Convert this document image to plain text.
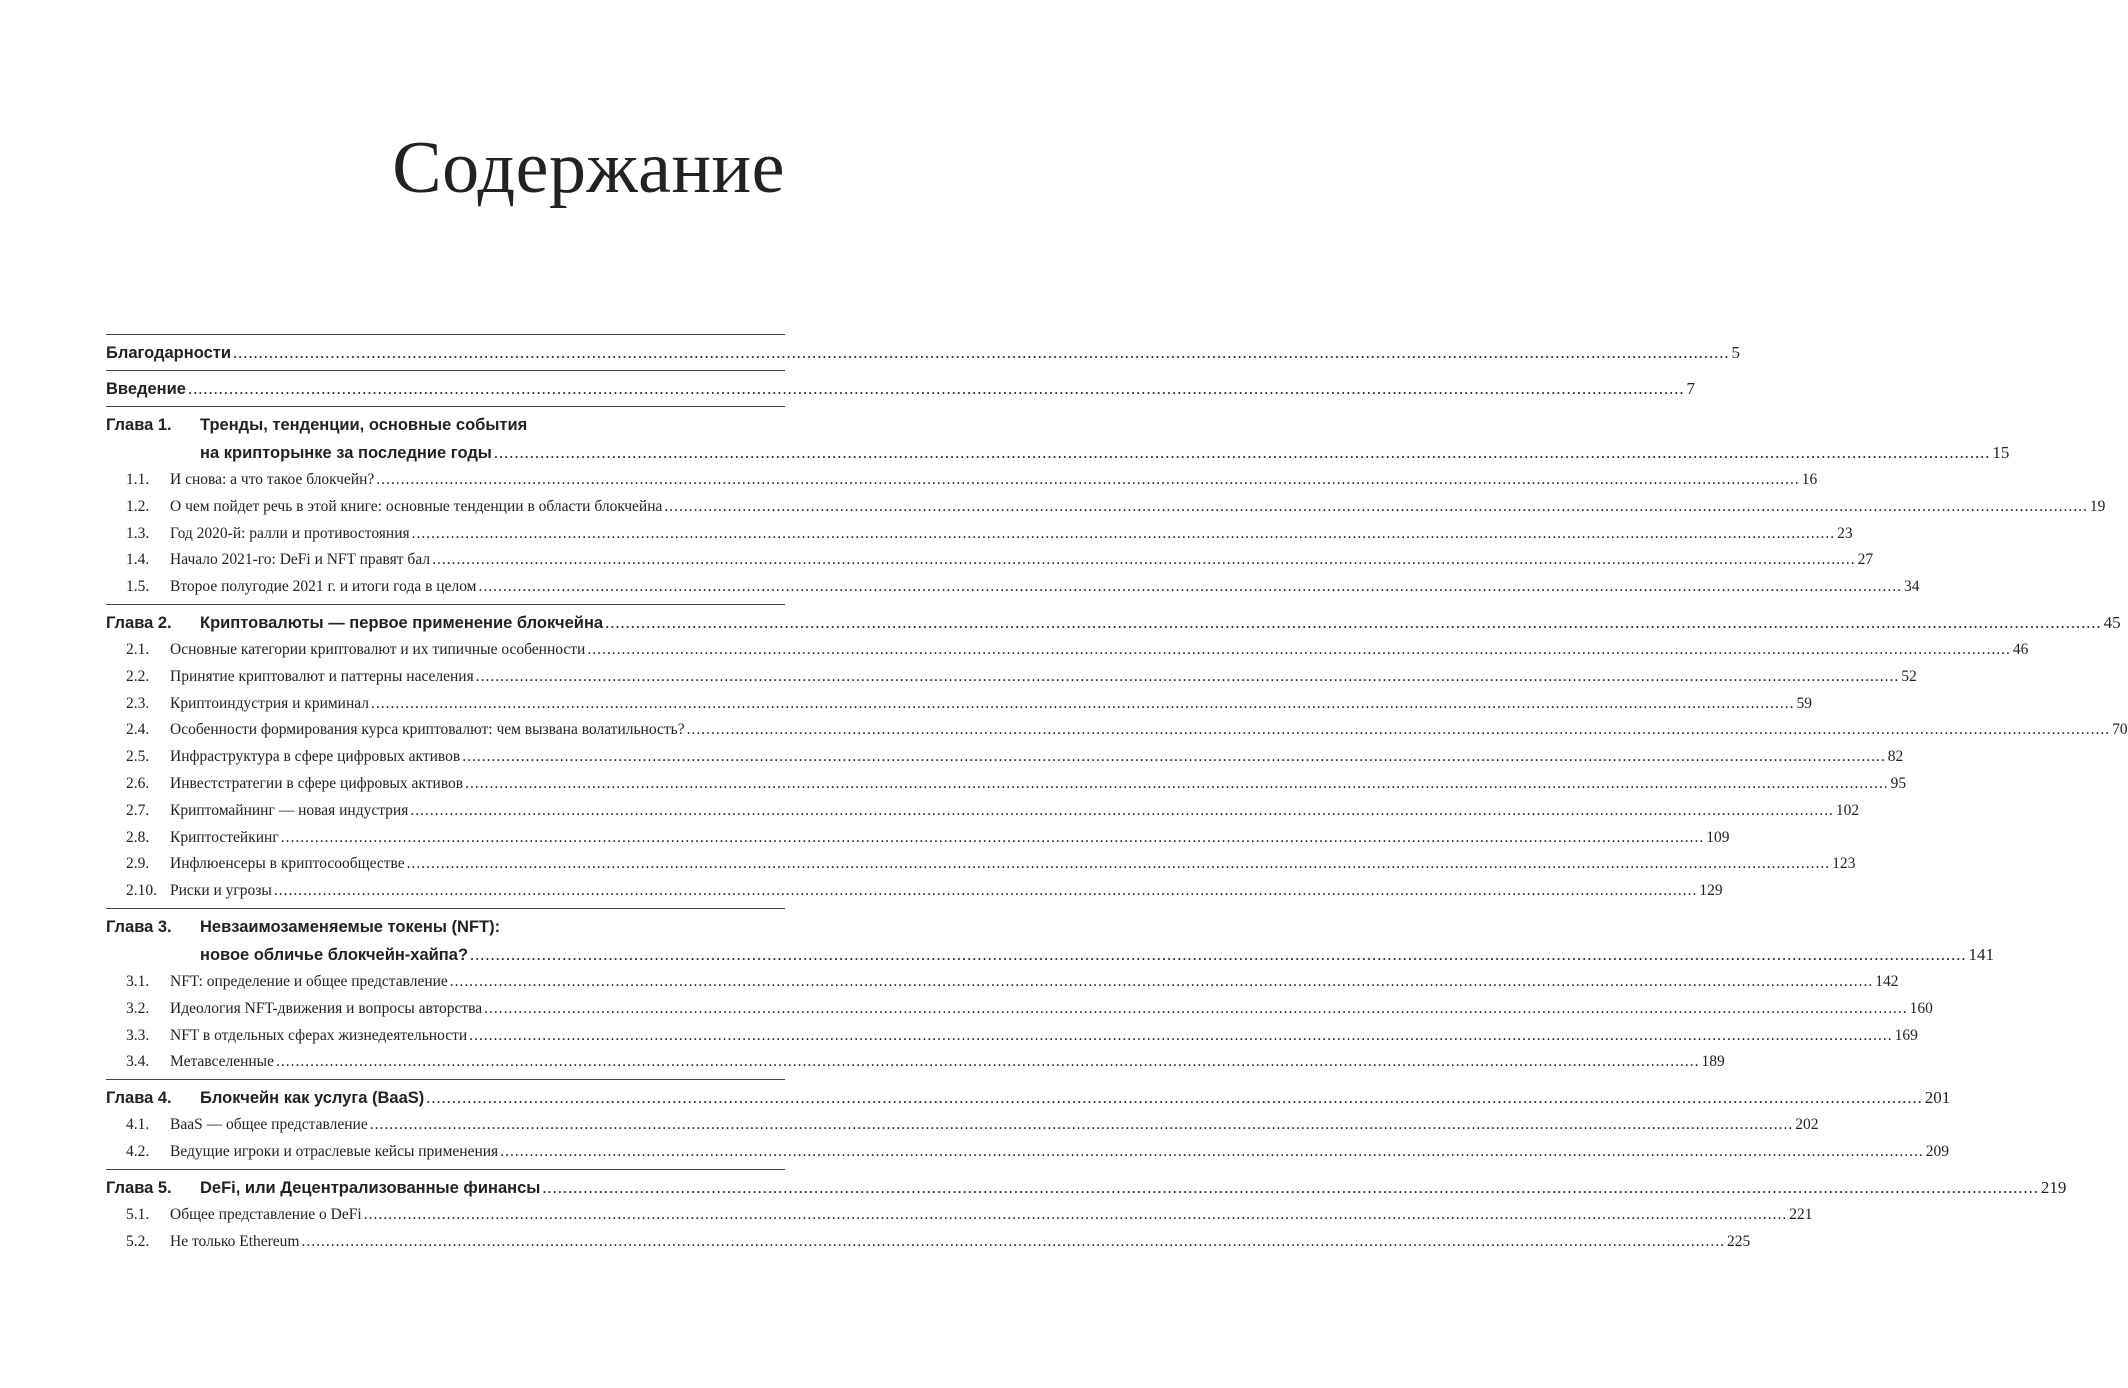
Содержание
Благодарности .....	5
Введение .....	7
Глава 1.	Тренды, тенденции, основные события
на крипторынке за последние годы .....	15
1.1.	И снова: а что такое блокчейн? .....	16
1.2.	О чем пойдет речь в этой книге: основные тенденции в области блокчейна .....	19
1.3.	Год 2020-й: ралли и противостояния .....	23
1.4.	Начало 2021-го: DeFi и NFT правят бал .....	27
1.5.	Второе полугодие 2021 г. и итоги года в целом .....	34
Глава 2.	Криптовалюты — первое применение блокчейна .....	45
2.1.	Основные категории криптовалют и их типичные особенности .....	46
2.2.	Принятие криптовалют и паттерны населения .....	52
2.3.	Криптоиндустрия и криминал .....	59
2.4.	Особенности формирования курса криптовалют: чем вызвана волатильность? .....	70
2.5.	Инфраструктура в сфере цифровых активов .....	82
2.6.	Инвестстратегии в сфере цифровых активов .....	95
2.7.	Криптомайнинг — новая индустрия .....	102
2.8.	Криптостейкинг .....	109
2.9.	Инфлюенсеры в криптосообществе .....	123
2.10. Риски и угрозы .....	129
Глава 3.	Невзаимозаменяемые токены (NFT):
новое обличье блокчейн-хайпа? .....	141
3.1.	NFT: определение и общее представление .....	142
3.2.	Идеология NFT-движения и вопросы авторства .....	160
3.3.	NFT в отдельных сферах жизнедеятельности .....	169
3.4.	Метавселенные .....	189
Глава 4.	Блокчейн как услуга (BaaS) .....	201
4.1.	BaaS — общее представление .....	202
4.2.	Ведущие игроки и отраслевые кейсы применения .....	209
Глава 5.	DeFi, или Децентрализованные финансы .....	219
5.1.	Общее представление о DeFi .....	221
5.2.	Не только Ethereum .....	225
